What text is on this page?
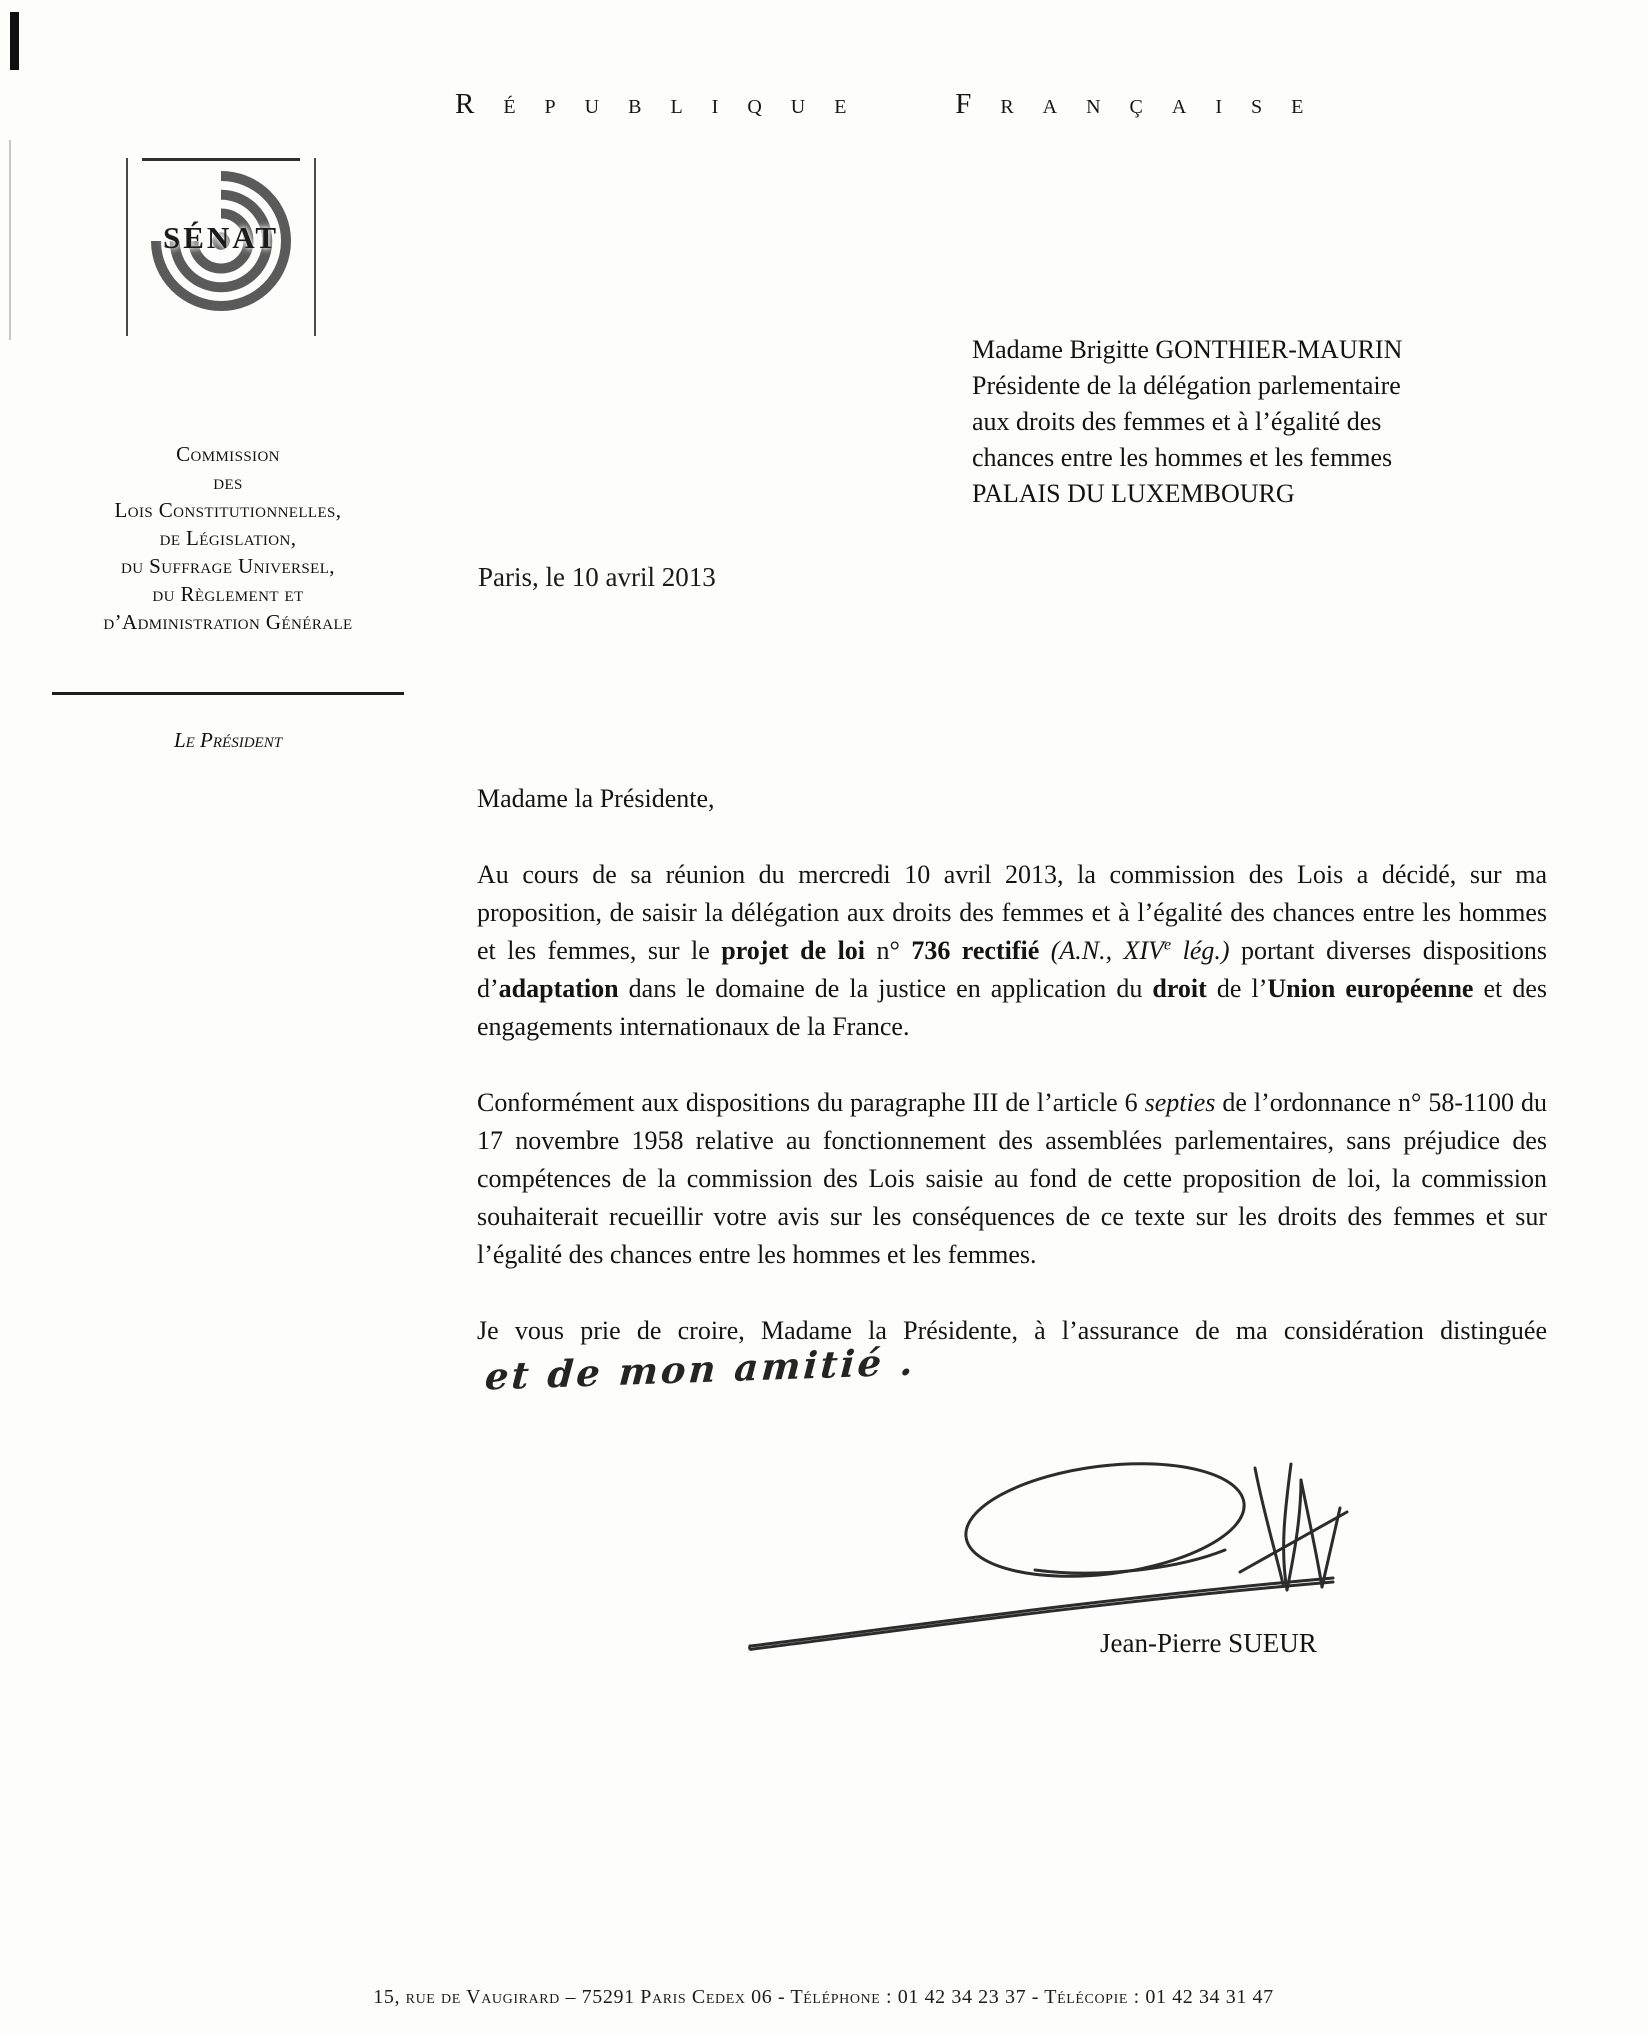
République Française
SÉNAT
Commission
des
Lois Constitutionnelles,
de Législation,
du Suffrage Universel,
du Règlement et
d’Administration Générale
Le Président
Madame Brigitte GONTHIER-MAURIN
Présidente de la délégation parlementaire
aux droits des femmes et à l’égalité des
chances entre les hommes et les femmes
PALAIS DU LUXEMBOURG
Paris, le 10 avril 2013

Madame la Présidente,

Au cours de sa réunion du mercredi 10 avril 2013, la commission des Lois a décidé, sur ma proposition, de saisir la délégation aux droits des femmes et à l’égalité des chances entre les hommes et les femmes, sur le projet de loi n° 736 rectifié (A.N., XIVe lég.) portant diverses dispositions d’adaptation dans le domaine de la justice en application du droit de l’Union européenne et des engagements internationaux de la France.

Conformément aux dispositions du paragraphe III de l’article 6 septies de l’ordonnance n° 58-1100 du 17 novembre 1958 relative au fonctionnement des assemblées parlementaires, sans préjudice des compétences de la commission des Lois saisie au fond de cette proposition de loi, la commission souhaiterait recueillir votre avis sur les conséquences de ce texte sur les droits des femmes et sur l’égalité des chances entre les hommes et les femmes.

Je vous prie de croire, Madame la Présidente, à l’assurance de ma considération distinguéeet de mon amitié .

Jean-Pierre SUEUR
15, rue de Vaugirard – 75291 Paris Cedex 06 - Téléphone : 01 42 34 23 37 - Télécopie : 01 42 34 31 47
